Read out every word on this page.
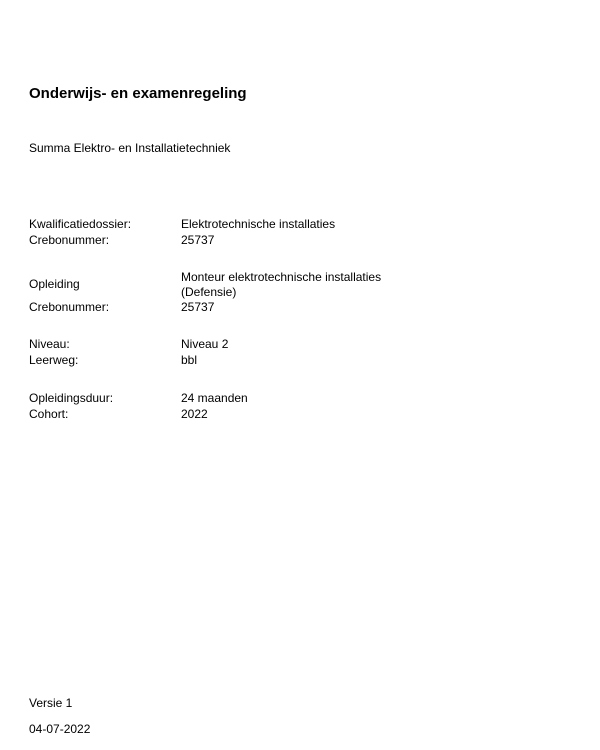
Onderwijs- en examenregeling
Summa Elektro- en Installatietechniek
Kwalificatiedossier:	Elektrotechnische installaties
Crebonummer:	25737
Opleiding	Monteur elektrotechnische installaties
(Defensie)
Crebonummer:	25737
Niveau:	Niveau 2
Leerweg:	bbl
Opleidingsduur:	24 maanden
Cohort:	2022
Versie 1
04-07-2022
